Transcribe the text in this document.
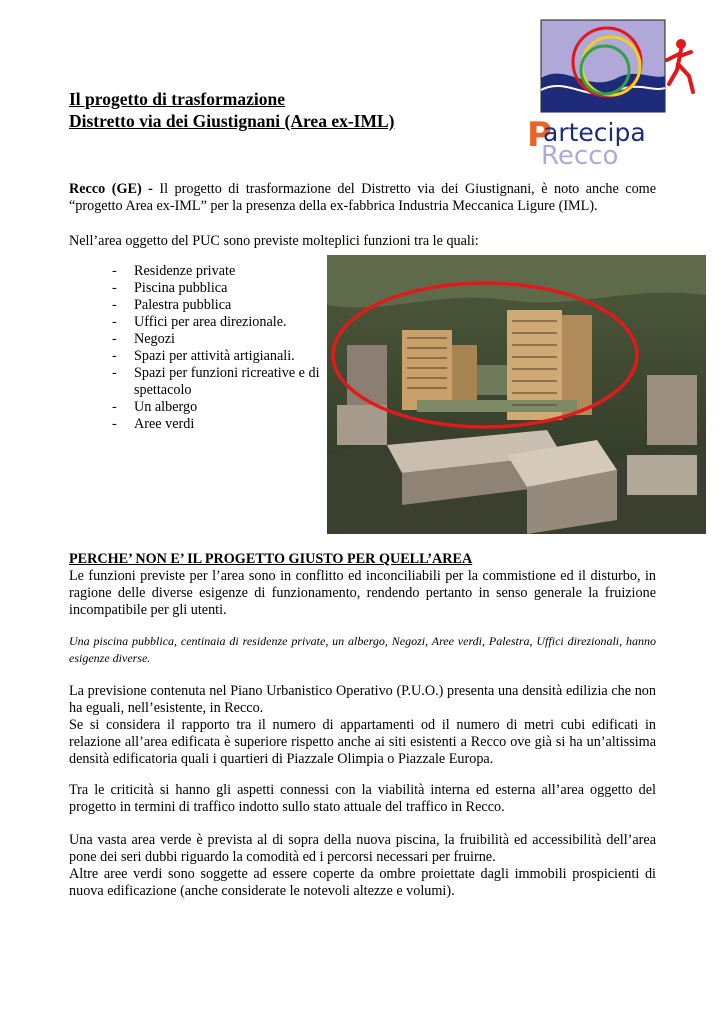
Il progetto di trasformazione
Distretto via dei Giustignani (Area ex-IML)	P
artecipa
Recco
Recco (GE) - Il progetto di trasformazione del Distretto via dei Giustignani, è noto anche come “progetto Area ex-IML” per la presenza della ex-fabbrica Industria Meccanica Ligure (IML).
Nell’area oggetto del PUC sono previste molteplici funzioni tra le quali:
- Residenze private
- Piscina pubblica
- Palestra pubblica
- Uffici per area direzionale.
- Negozi
- Spazi per attività artigianali.
- Spazi per funzioni ricreative e di spettacolo
- Un albergo
- Aree verdi
PERCHE’ NON E’ IL PROGETTO GIUSTO PER QUELL’AREA
Le funzioni previste per l’area sono in conflitto ed inconciliabili per la commistione ed il disturbo, in ragione delle diverse esigenze di funzionamento, rendendo pertanto in senso generale la fruizione incompatibile per gli utenti.
Una piscina pubblica, centinaia di residenze private, un albergo, Negozi, Aree verdi, Palestra, Uffici direzionali, hanno esigenze diverse.
La previsione contenuta nel Piano Urbanistico Operativo (P.U.O.) presenta una densità edilizia che non ha eguali, nell’esistente, in Recco.
Se si considera il rapporto tra il numero di appartamenti od il numero di metri cubi edificati in relazione all’area edificata è superiore rispetto anche ai siti esistenti a Recco ove già si ha un’altissima densità edificatoria quali i quartieri di Piazzale Olimpia o Piazzale Europa.
Tra le criticità si hanno gli aspetti connessi con la viabilità interna ed esterna all’area oggetto del progetto in termini di traffico indotto sullo stato attuale del traffico in Recco.
Una vasta area verde è prevista al di sopra della nuova piscina, la fruibilità ed accessibilità dell’area pone dei seri dubbi riguardo la comodità ed i percorsi necessari per fruirne.
Altre aree verdi sono soggette ad essere coperte da ombre proiettate dagli immobili prospicienti di nuova edificazione (anche considerate le notevoli altezze e volumi).
